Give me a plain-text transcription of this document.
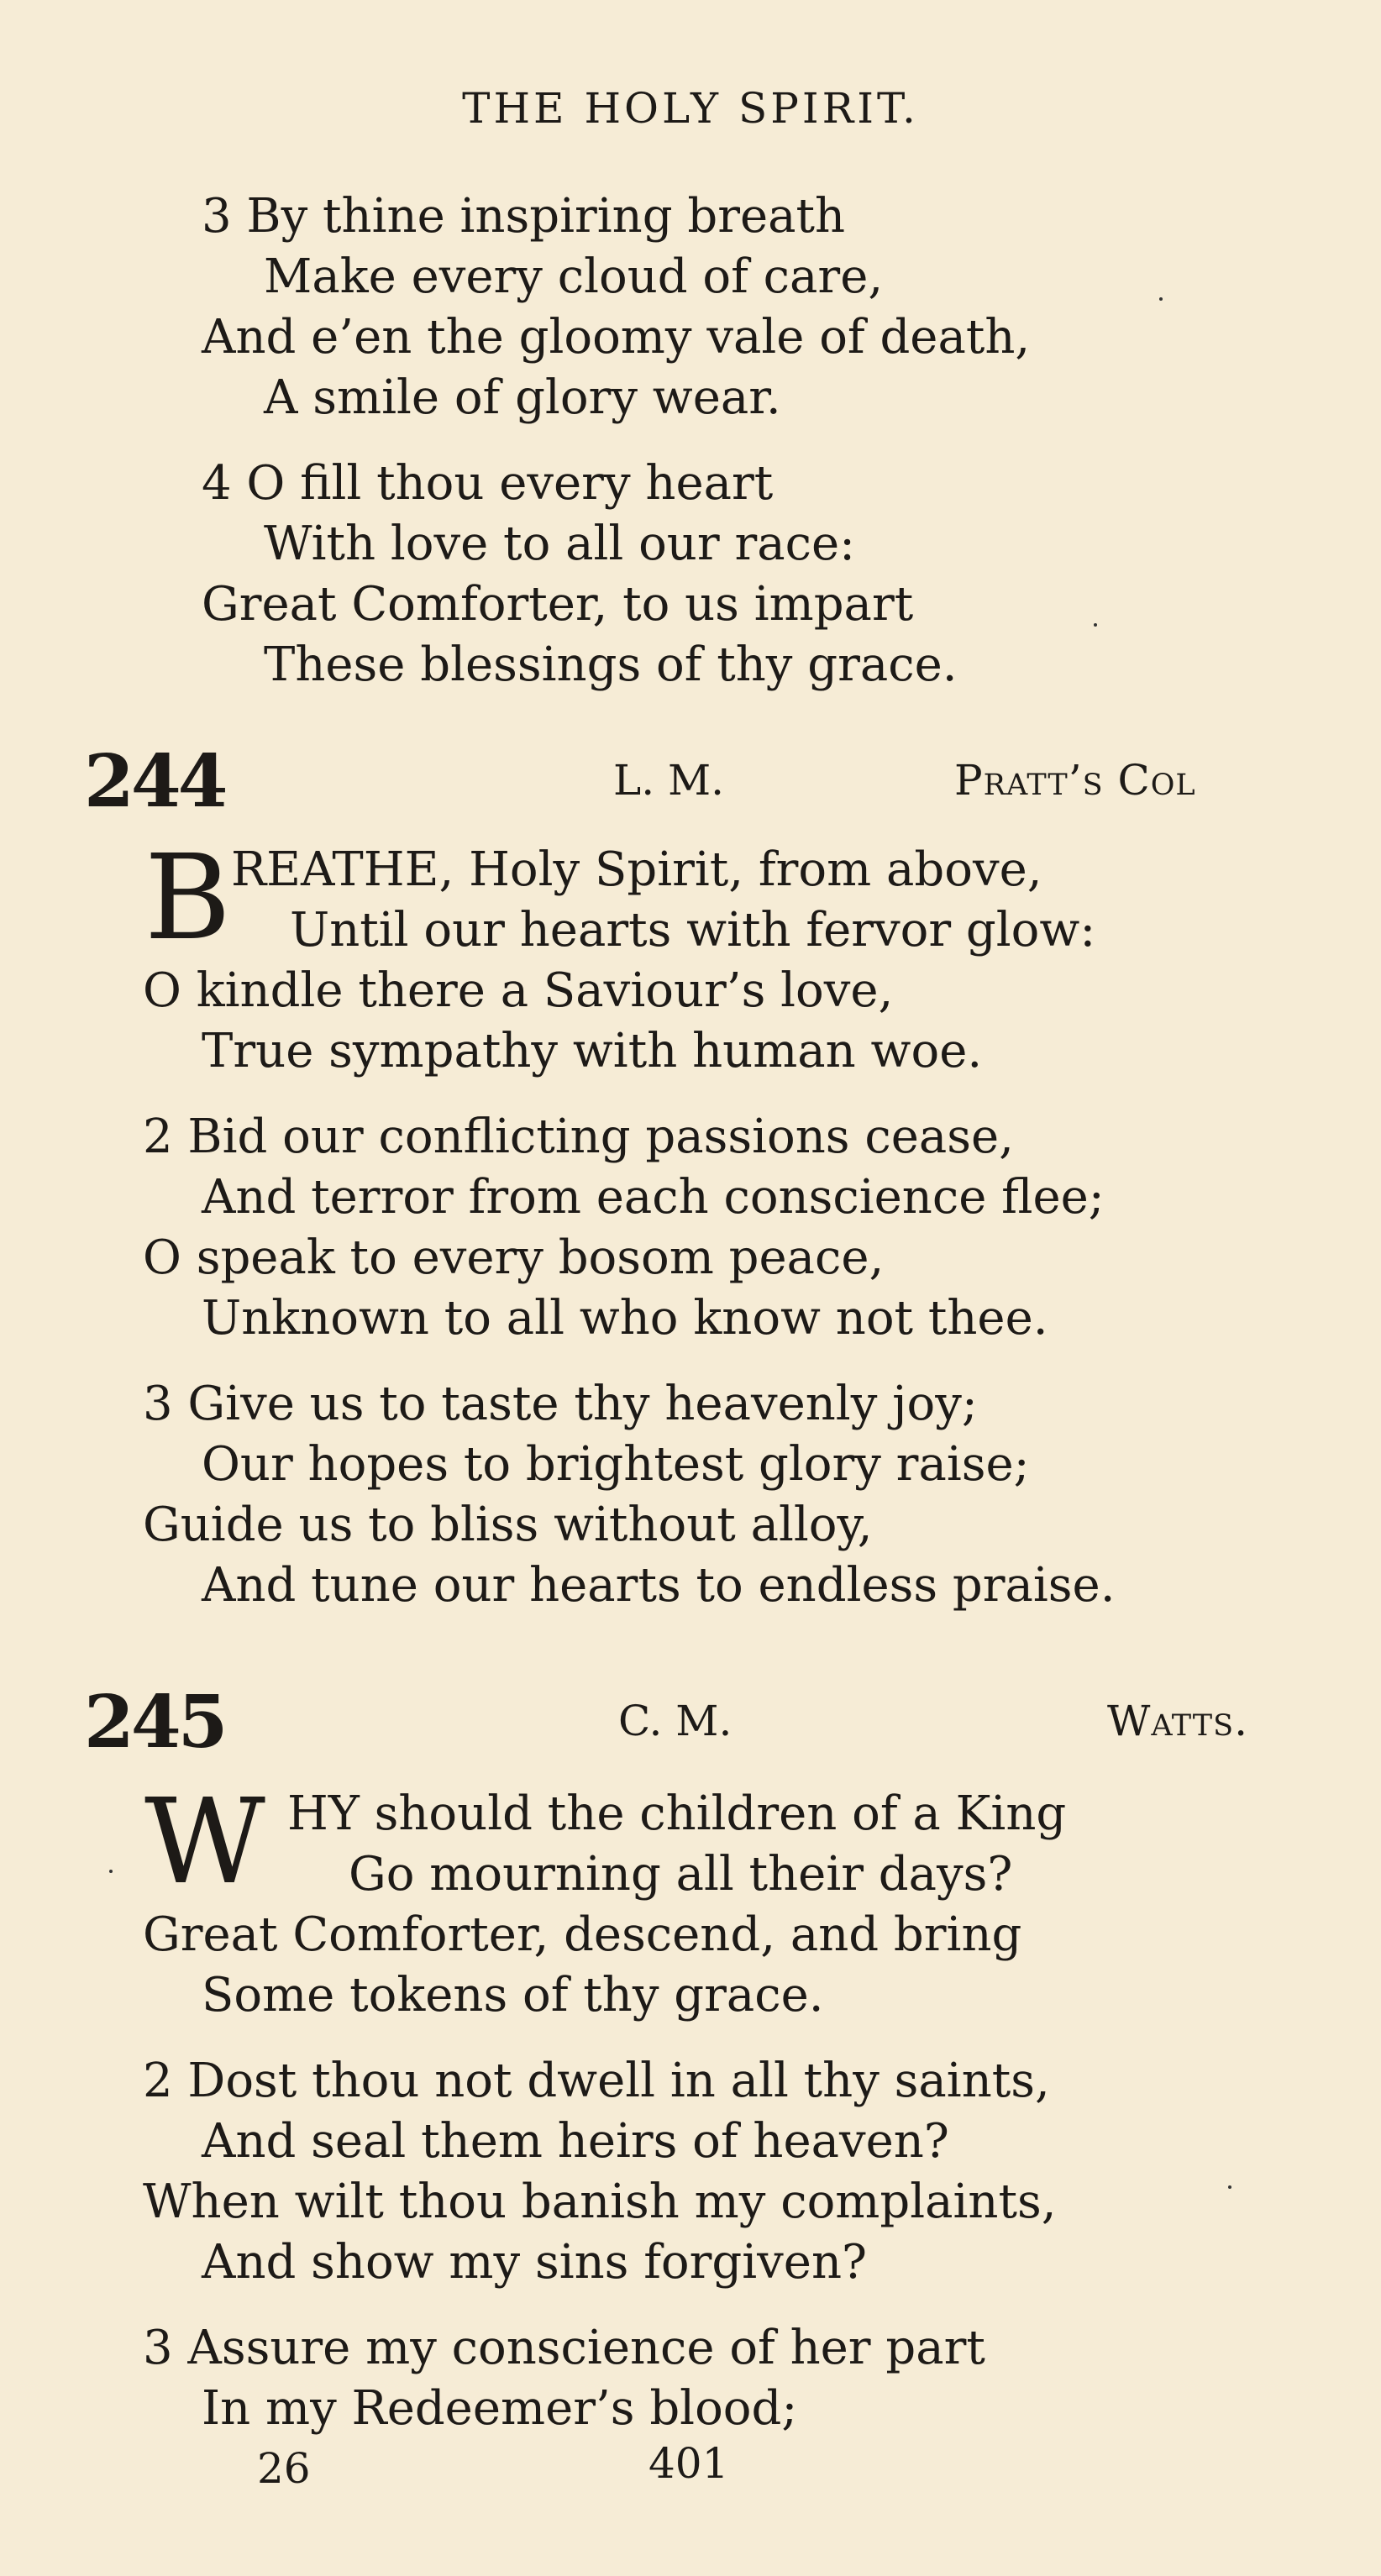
THE HOLY SPIRIT.
3 By thine inspiring breath
Make every cloud of care,
And e’en the gloomy vale of death,
A smile of glory wear.
4 O fill thou every heart
With love to all our race:
Great Comforter, to us impart
These blessings of thy grace.
244	L. M.	Pratt’s Col
B REATHE, Holy Spirit, from above,
Until our hearts with fervor glow:
O kindle there a Saviour’s love,
True sympathy with human woe.
2 Bid our conflicting passions cease,
And terror from each conscience flee;
O speak to every bosom peace,
Unknown to all who know not thee.
3 Give us to taste thy heavenly joy;
Our hopes to brightest glory raise;
Guide us to bliss without alloy,
And tune our hearts to endless praise.
245	C. M.	Watts.
W HY should the children of a King
Go mourning all their days?
Great Comforter, descend, and bring
Some tokens of thy grace.
2 Dost thou not dwell in all thy saints,
And seal them heirs of heaven?
When wilt thou banish my complaints,
And show my sins forgiven?
3 Assure my conscience of her part
In my Redeemer’s blood;
26	401
